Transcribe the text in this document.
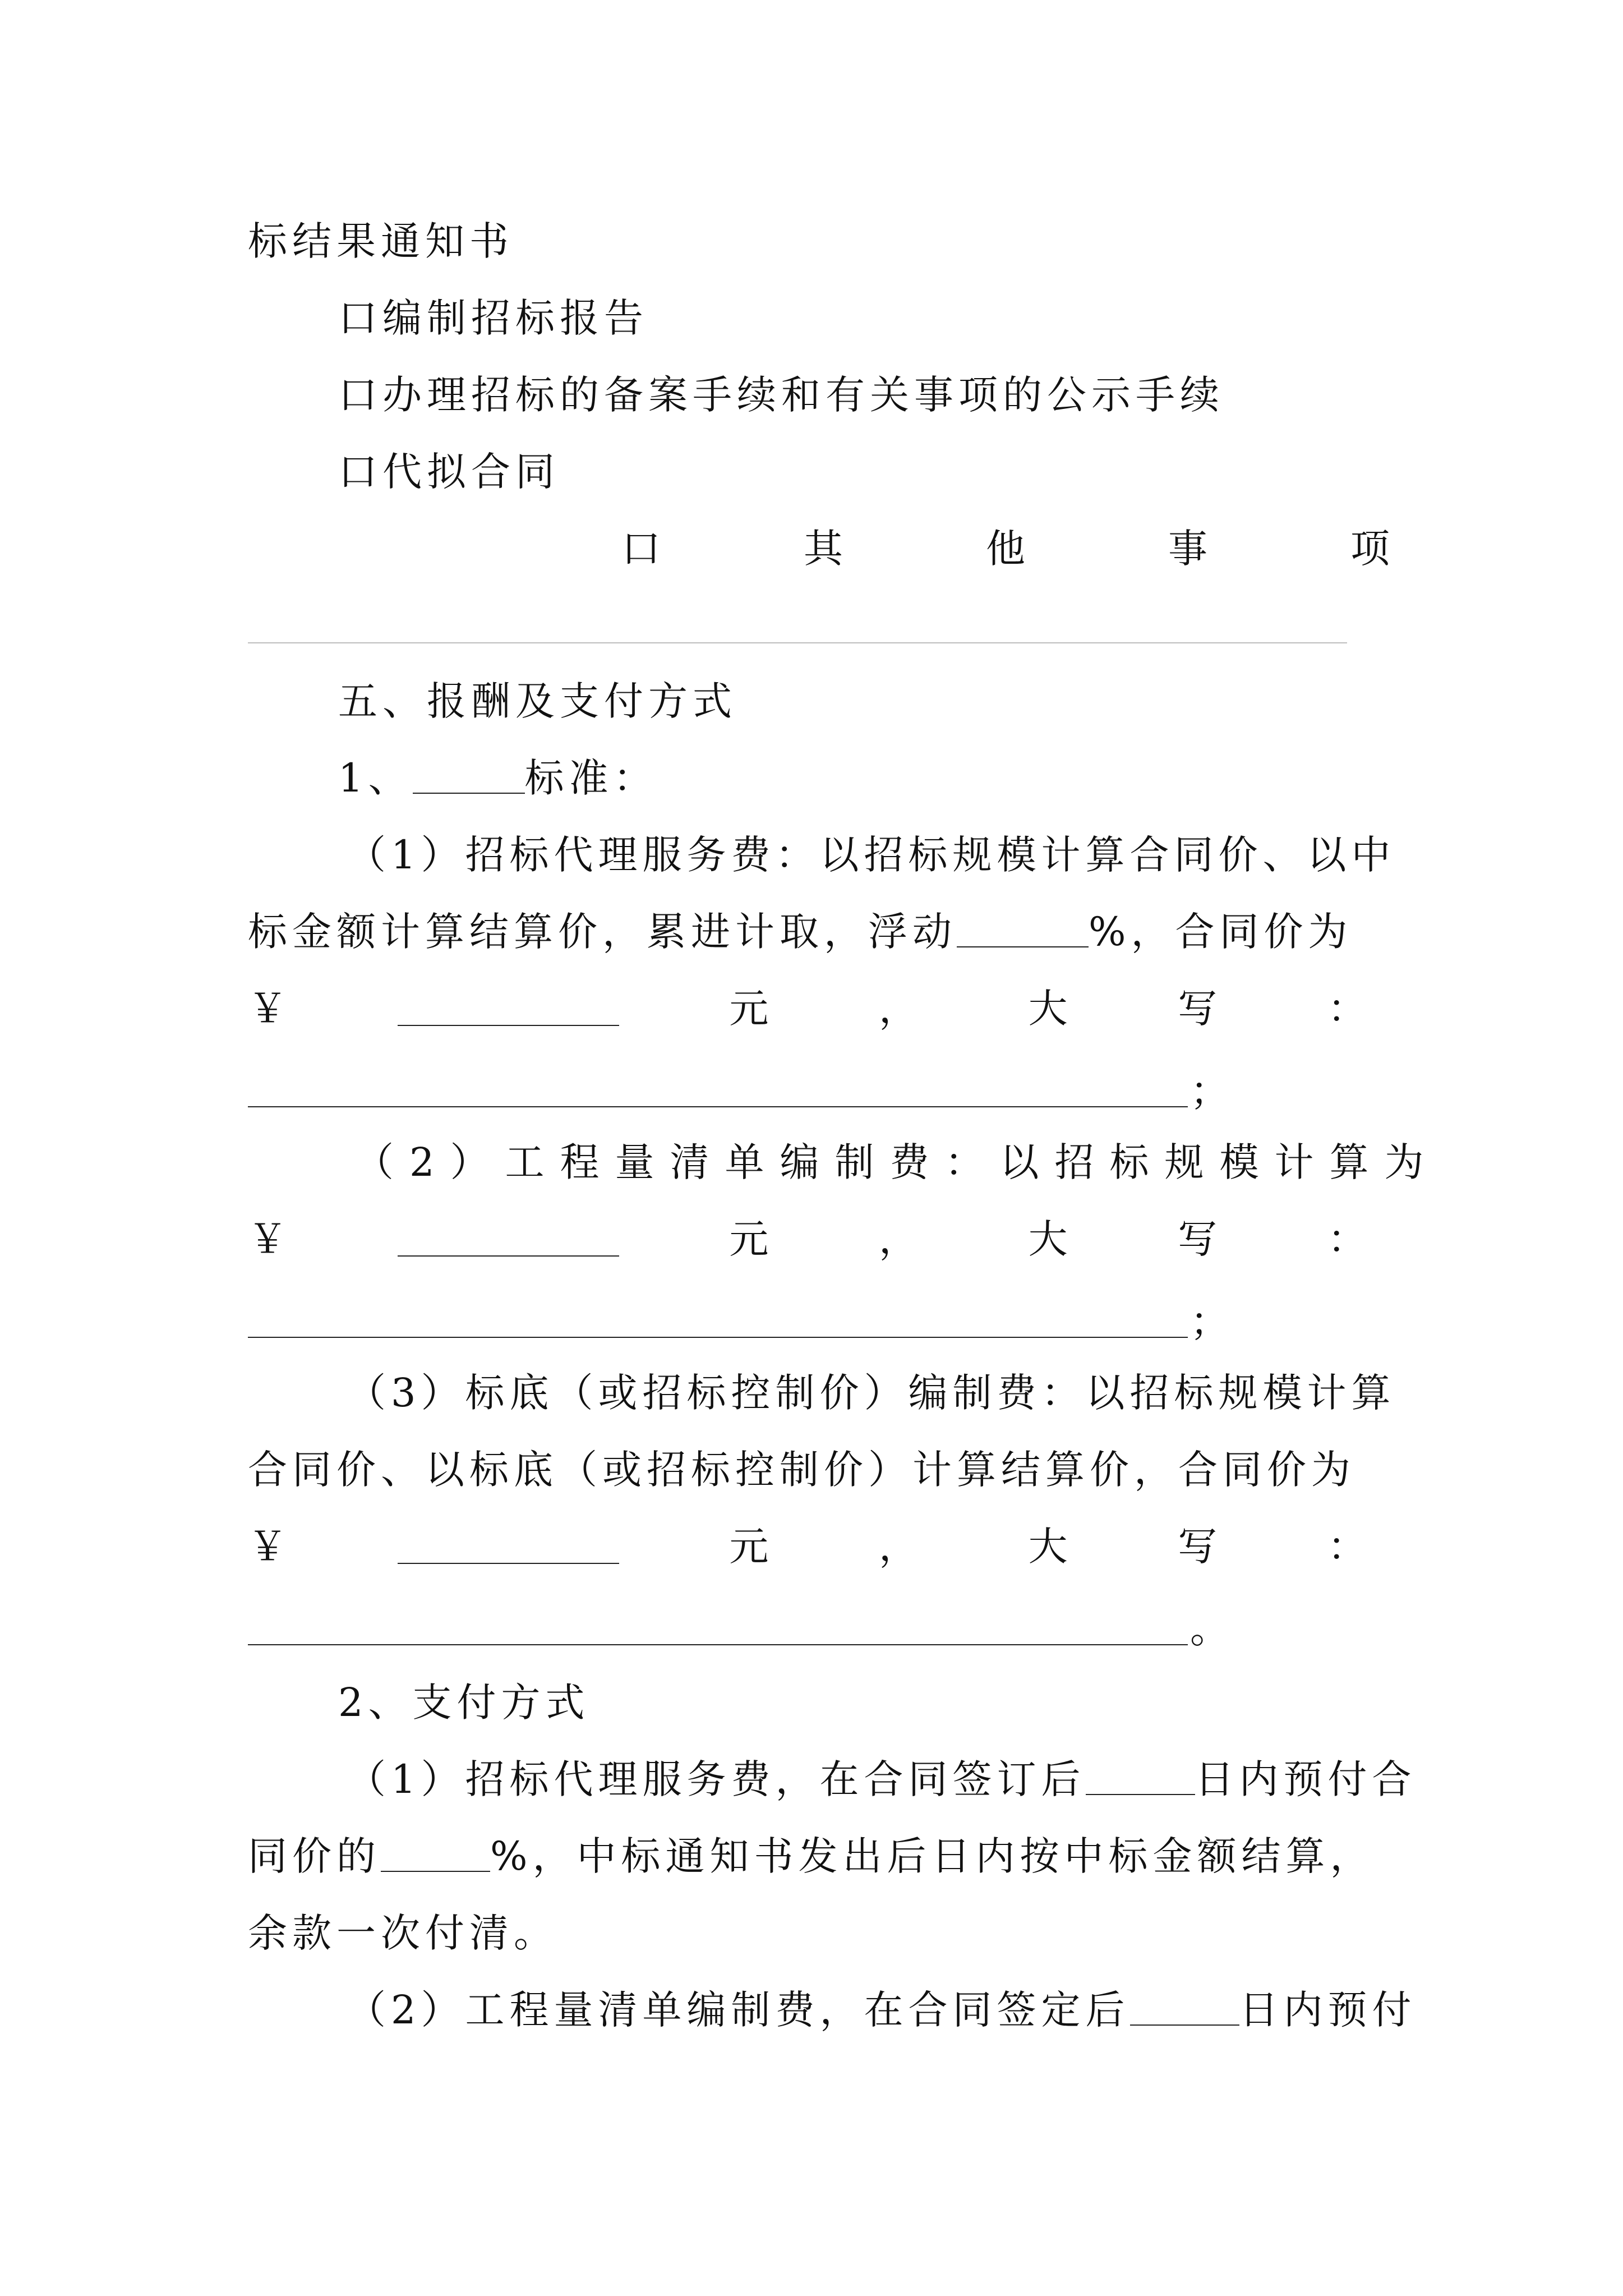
标结果通知书

口编制招标报告

口办理招标的备案手续和有关事项的公示手续

口代拟合同

口	其	他	事	项

五、报酬及支付方式

1、	标准：

（1）招标代理服务费：以招标规模计算合同价、以中

标金额计算结算价，累进计取，浮动	%，合同价为

￥	元	，	大	写	：

；

（2）工程量清单编制费：以招标规模计算为

￥	元	，	大	写	：

；

（3）标底（或招标控制价）编制费：以招标规模计算

合同价、以标底（或招标控制价）计算结算价，合同价为

￥	元	，	大	写	：

。

2、支付方式

（1）招标代理服务费，在合同签订后	日内预付合

同价的	%，中标通知书发出后日内按中标金额结算，

余款一次付清。

（2）工程量清单编制费，在合同签定后	日内预付
